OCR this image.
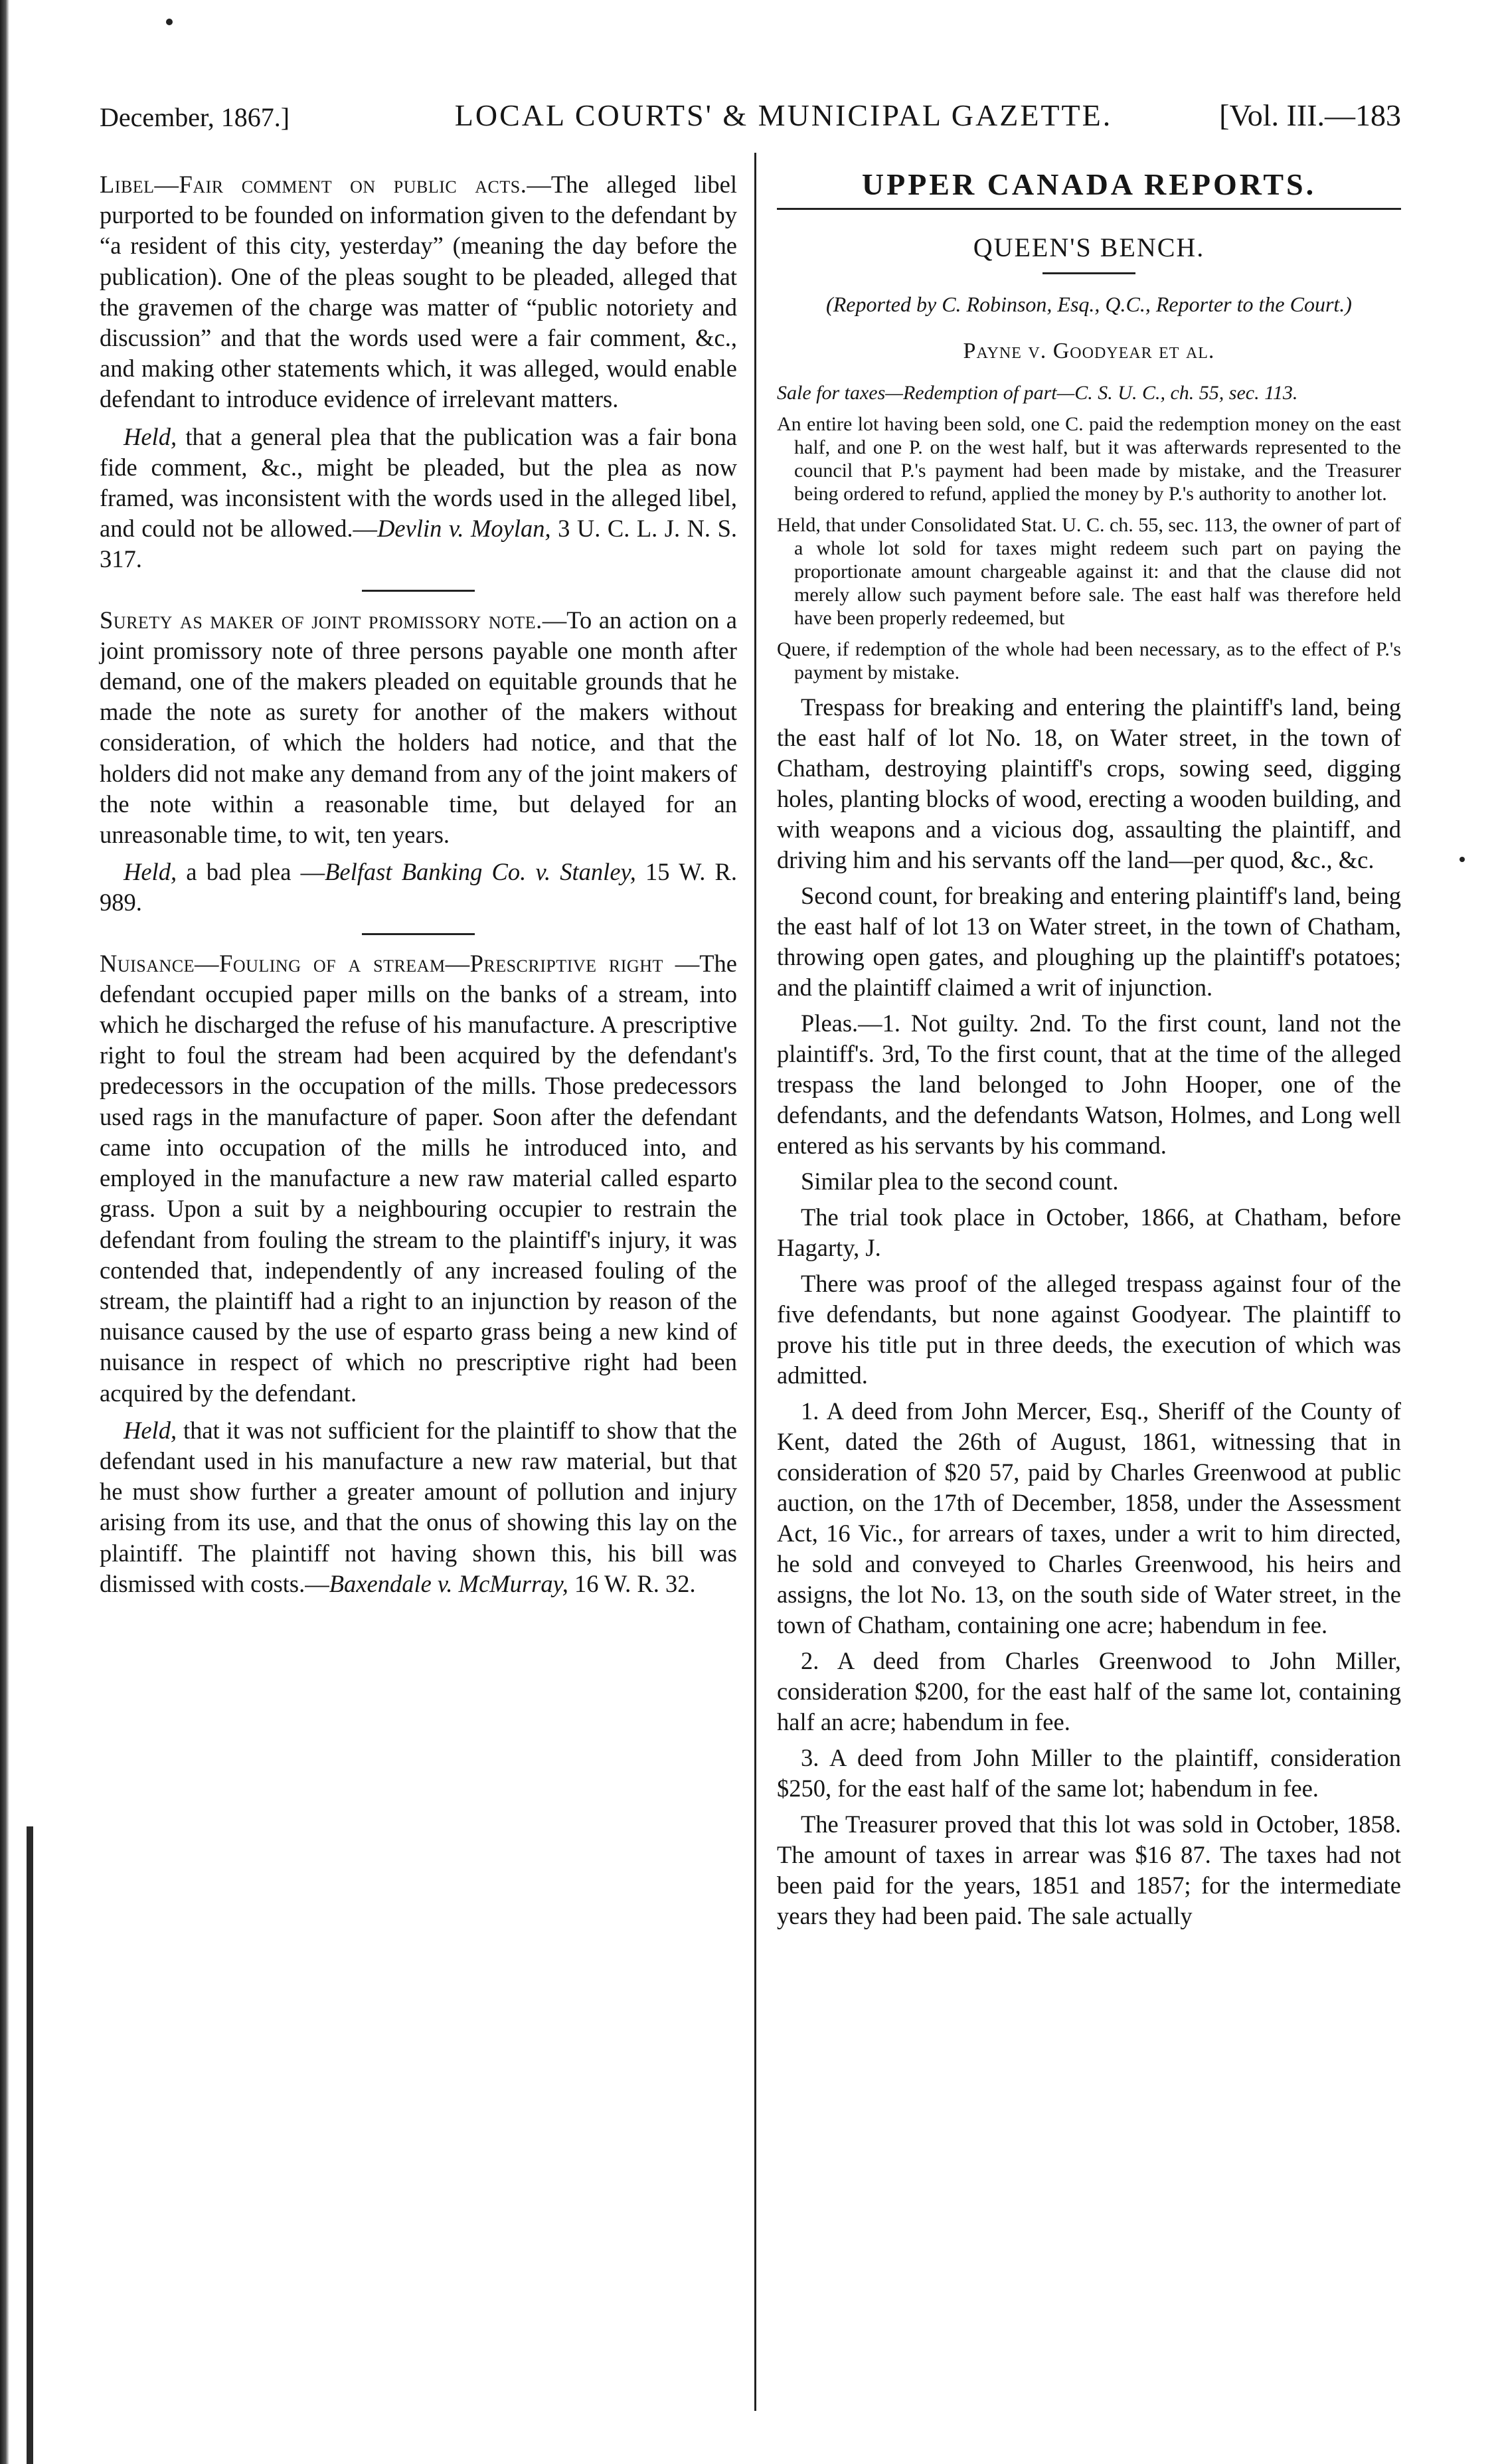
December, 1867.]	LOCAL COURTS' & MUNICIPAL GAZETTE.	[Vol. III.—183

Libel—Fair comment on public acts.—The alleged libel purported to be founded on information given to the defendant by “a resident of this city, yesterday” (meaning the day before the publication). One of the pleas sought to be pleaded, alleged that the gravemen of the charge was matter of “public notoriety and discussion” and that the words used were a fair comment, &c., and making other statements which, it was alleged, would enable defendant to introduce evidence of irrelevant matters.

Held, that a general plea that the publication was a fair bona fide comment, &c., might be pleaded, but the plea as now framed, was inconsistent with the words used in the alleged libel, and could not be allowed.—Devlin v. Moylan, 3 U. C. L. J. N. S. 317.

Surety as maker of joint promissory note.—To an action on a joint promissory note of three persons payable one month after demand, one of the makers pleaded on equitable grounds that he made the note as surety for another of the makers without consideration, of which the holders had notice, and that the holders did not make any demand from any of the joint makers of the note within a reasonable time, but delayed for an unreasonable time, to wit, ten years.

Held, a bad plea —Belfast Banking Co. v. Stanley, 15 W. R. 989.

Nuisance—Fouling of a stream—Prescriptive right —The defendant occupied paper mills on the banks of a stream, into which he discharged the refuse of his manufacture. A prescriptive right to foul the stream had been acquired by the defendant's predecessors in the occupation of the mills. Those predecessors used rags in the manufacture of paper. Soon after the defendant came into occupation of the mills he introduced into, and employed in the manufacture a new raw material called esparto grass. Upon a suit by a neighbouring occupier to restrain the defendant from fouling the stream to the plaintiff's injury, it was contended that, independently of any increased fouling of the stream, the plaintiff had a right to an injunction by reason of the nuisance caused by the use of esparto grass being a new kind of nuisance in respect of which no prescriptive right had been acquired by the defendant.

Held, that it was not sufficient for the plaintiff to show that the defendant used in his manufacture a new raw material, but that he must show further a greater amount of pollution and injury arising from its use, and that the onus of showing this lay on the plaintiff. The plaintiff not having shown this, his bill was dismissed with costs.—Baxendale v. McMurray, 16 W. R. 32.

UPPER CANADA REPORTS.
QUEEN'S BENCH.
(Reported by C. Robinson, Esq., Q.C., Reporter to the Court.)
Payne v. Goodyear et al.

Sale for taxes—Redemption of part—C. S. U. C., ch. 55, sec. 113.

An entire lot having been sold, one C. paid the redemption money on the east half, and one P. on the west half, but it was afterwards represented to the council that P.'s payment had been made by mistake, and the Treasurer being ordered to refund, applied the money by P.'s authority to another lot.

Held, that under Consolidated Stat. U. C. ch. 55, sec. 113, the owner of part of a whole lot sold for taxes might redeem such part on paying the proportionate amount chargeable against it: and that the clause did not merely allow such payment before sale. The east half was therefore held have been properly redeemed, but

Quere, if redemption of the whole had been necessary, as to the effect of P.'s payment by mistake.

Trespass for breaking and entering the plaintiff's land, being the east half of lot No. 18, on Water street, in the town of Chatham, destroying plaintiff's crops, sowing seed, digging holes, planting blocks of wood, erecting a wooden building, and with weapons and a vicious dog, assaulting the plaintiff, and driving him and his servants off the land—per quod, &c., &c.

Second count, for breaking and entering plaintiff's land, being the east half of lot 13 on Water street, in the town of Chatham, throwing open gates, and ploughing up the plaintiff's potatoes; and the plaintiff claimed a writ of injunction.

Pleas.—1. Not guilty. 2nd. To the first count, land not the plaintiff's. 3rd, To the first count, that at the time of the alleged trespass the land belonged to John Hooper, one of the defendants, and the defendants Watson, Holmes, and Long well entered as his servants by his command.

Similar plea to the second count.

The trial took place in October, 1866, at Chatham, before Hagarty, J.

There was proof of the alleged trespass against four of the five defendants, but none against Goodyear. The plaintiff to prove his title put in three deeds, the execution of which was admitted.

1. A deed from John Mercer, Esq., Sheriff of the County of Kent, dated the 26th of August, 1861, witnessing that in consideration of $20 57, paid by Charles Greenwood at public auction, on the 17th of December, 1858, under the Assessment Act, 16 Vic., for arrears of taxes, under a writ to him directed, he sold and conveyed to Charles Greenwood, his heirs and assigns, the lot No. 13, on the south side of Water street, in the town of Chatham, containing one acre; habendum in fee.

2. A deed from Charles Greenwood to John Miller, consideration $200, for the east half of the same lot, containing half an acre; habendum in fee.

3. A deed from John Miller to the plaintiff, consideration $250, for the east half of the same lot; habendum in fee.

The Treasurer proved that this lot was sold in October, 1858. The amount of taxes in arrear was $16 87. The taxes had not been paid for the years, 1851 and 1857; for the intermediate years they had been paid. The sale actually
